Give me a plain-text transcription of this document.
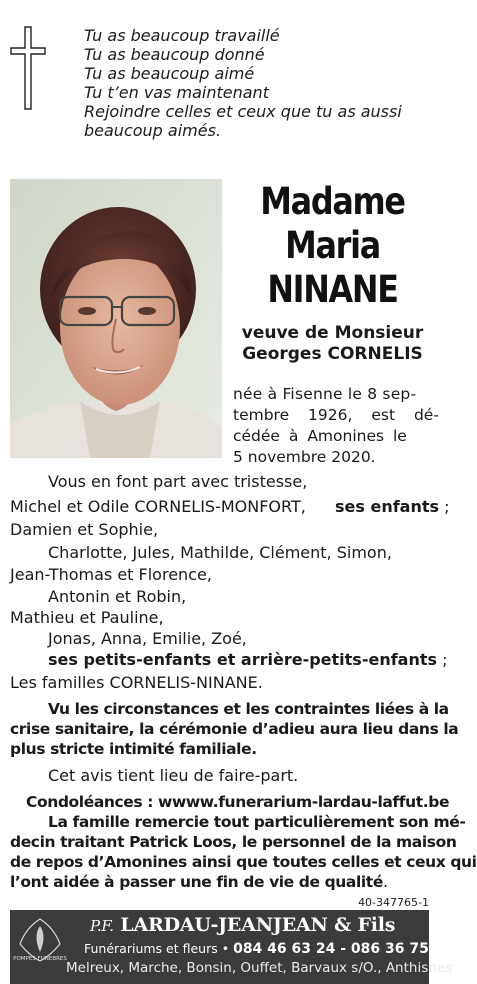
Tu as beaucoup travaillé
Tu as beaucoup donné
Tu as beaucoup aimé
Tu t’en vas maintenant
Rejoindre celles et ceux que tu as aussi
beaucoup aimés.
Madame
Maria
NINANE
veuve de Monsieur
Georges CORNELIS
née à Fisenne le 8 sep-
tembre 1926, est dé-
cédée à Amonines le
5 novembre 2020.
Vous en font part avec tristesse,
Michel et Odile CORNELIS-MONFORT, ses enfants ;
Damien et Sophie,
Charlotte, Jules, Mathilde, Clément, Simon,
Jean-Thomas et Florence,
Antonin et Robin,
Mathieu et Pauline,
Jonas, Anna, Emilie, Zoé,
ses petits-enfants et arrière-petits-enfants ;
Les familles CORNELIS-NINANE.
Vu les circonstances et les contraintes liées à la
crise sanitaire, la cérémonie d’adieu aura lieu dans la
plus stricte intimité familiale.
Cet avis tient lieu de faire-part.
Condoléances : wwww.funerarium-lardau-laffut.be
La famille remercie tout particulièrement son mé-
decin traitant Patrick Loos, le personnel de la maison
de repos d’Amonines ainsi que toutes celles et ceux qui
l’ont aidée à passer une fin de vie de qualité.
40-347765-1
POMPES FUNEBRES
P.F. LARDAU-JEANJEAN & Fils
Funérariums et fleurs • 084 46 63 24 - 086 36 75 82
Melreux, Marche, Bonsin, Ouffet, Barvaux s/O., Anthisnes
